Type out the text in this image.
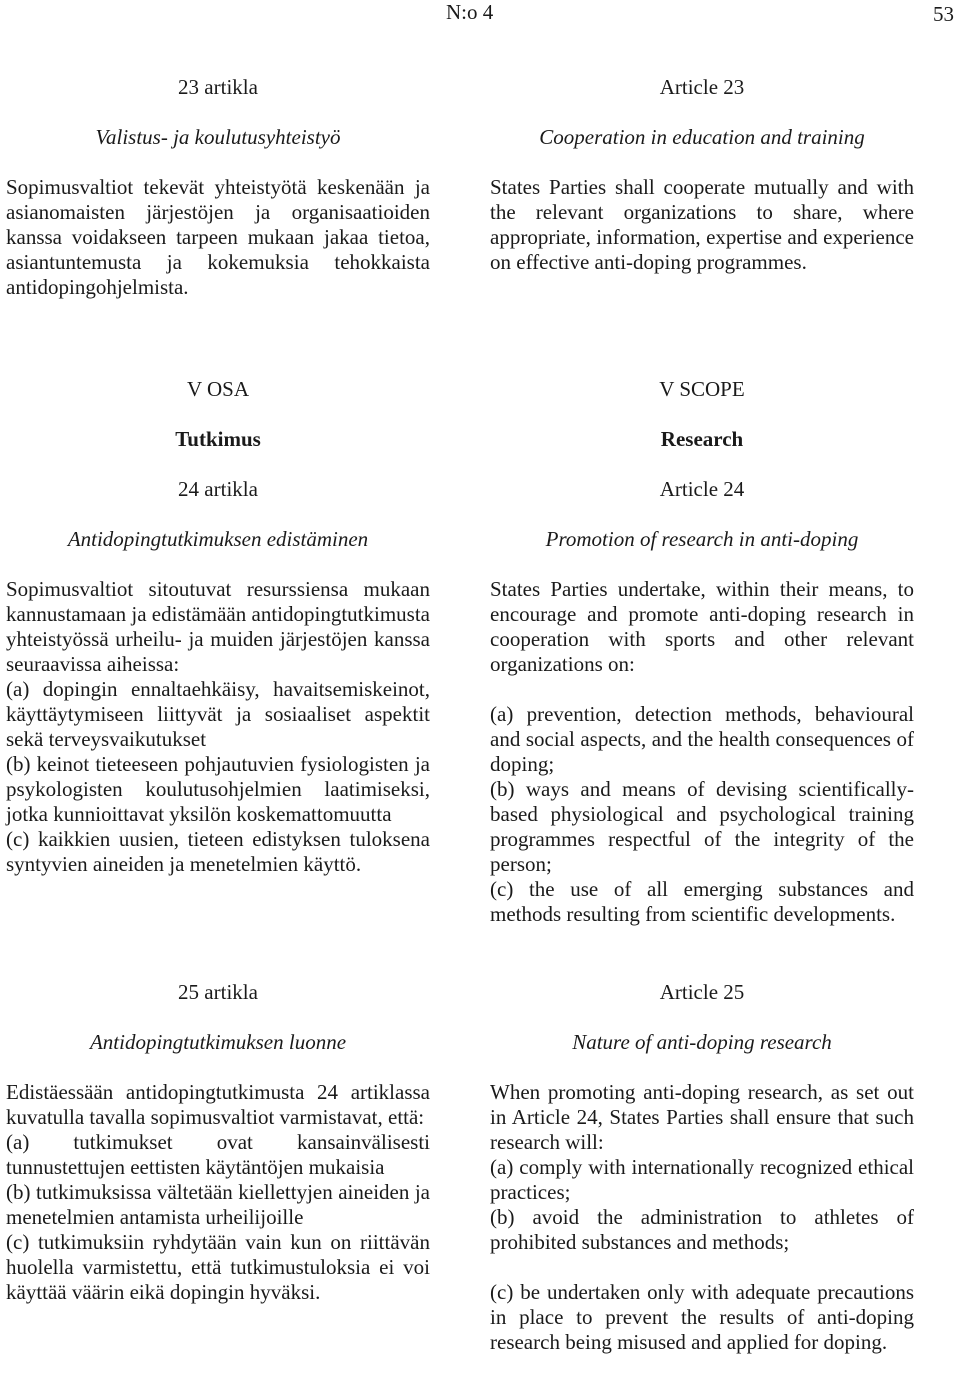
N:o 4	53

23 artikla

Valistus- ja koulutusyhteistyö

Sopimusvaltiot tekevät yhteistyötä keskenään ja asianomaisten järjestöjen ja organisaatioiden kanssa voidakseen tarpeen mukaan jakaa tietoa, asiantuntemusta ja kokemuksia tehokkaista antidopingohjelmista.

V OSA

Tutkimus

24 artikla

Antidopingtutkimuksen edistäminen

Sopimusvaltiot sitoutuvat resurssiensa mukaan kannustamaan ja edistämään antidopingtutkimusta yhteistyössä urheilu- ja muiden järjestöjen kanssa seuraavissa aiheissa:

(a) dopingin ennaltaehkäisy, havaitsemiskeinot, käyttäytymiseen liittyvät ja sosiaaliset aspektit sekä terveysvaikutukset

(b) keinot tieteeseen pohjautuvien fysiologisten ja psykologisten koulutusohjelmien laatimiseksi, jotka kunnioittavat yksilön koskemattomuutta

(c) kaikkien uusien, tieteen edistyksen tuloksena syntyvien aineiden ja menetelmien käyttö.

25 artikla

Antidopingtutkimuksen luonne

Edistäessään antidopingtutkimusta 24 artiklassa kuvatulla tavalla sopimusvaltiot varmistavat, että:

(a) tutkimukset ovat kansainvälisesti tunnustettujen eettisten käytäntöjen mukaisia

(b) tutkimuksissa vältetään kiellettyjen aineiden ja menetelmien antamista urheilijoille

(c) tutkimuksiin ryhdytään vain kun on riittävän huolella varmistettu, että tutkimustuloksia ei voi käyttää väärin eikä dopingin hyväksi.

Article 23

Cooperation in education and training

States Parties shall cooperate mutually and with the relevant organizations to share, where appropriate, information, expertise and experience on effective anti-doping programmes.

V SCOPE

Research

Article 24

Promotion of research in anti-doping

States Parties undertake, within their means, to encourage and promote anti-doping research in cooperation with sports and other relevant organizations on:

(a) prevention, detection methods, behavioural and social aspects, and the health consequences of doping;

(b) ways and means of devising scientifically-based physiological and psychological training programmes respectful of the integrity of the person;

(c) the use of all emerging substances and methods resulting from scientific developments.

Article 25

Nature of anti-doping research

When promoting anti-doping research, as set out in Article 24, States Parties shall ensure that such research will:

(a) comply with internationally recognized ethical practices;

(b) avoid the administration to athletes of prohibited substances and methods;

(c) be undertaken only with adequate precautions in place to prevent the results of anti-doping research being misused and applied for doping.
